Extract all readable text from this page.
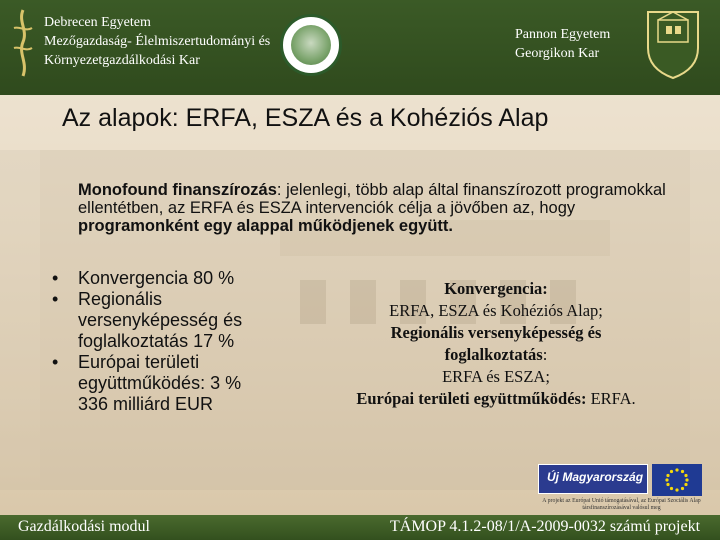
Debrecen Egyetem
Mezőgazdaság- Élelmiszertudományi és
Környezetgazdálkodási Kar
Pannon Egyetem
Georgikon Kar
Az alapok: ERFA, ESZA és a Kohéziós Alap
Monofound finanszírozás: jelenlegi, több alap által finanszírozott programokkal ellentétben, az ERFA és ESZA intervenciók célja a jövőben az, hogy programonként egy alappal működjenek együtt.
• Konvergencia 80 %
• Regionális versenyképesség és foglalkoztatás 17 %
• Európai területi együttműködés: 3 %
336 milliárd EUR
Konvergencia:
ERFA, ESZA és Kohéziós Alap;
Regionális versenyképesség és
foglalkoztatás:
ERFA és ESZA;
Európai területi együttműködés: ERFA.
Új Magyarország
A projekt az Európai Unió támogatásával, az Európai Szociális Alap társfinanszírozásával valósul meg
Gazdálkodási modul	TÁMOP 4.1.2-08/1/A-2009-0032 számú projekt
